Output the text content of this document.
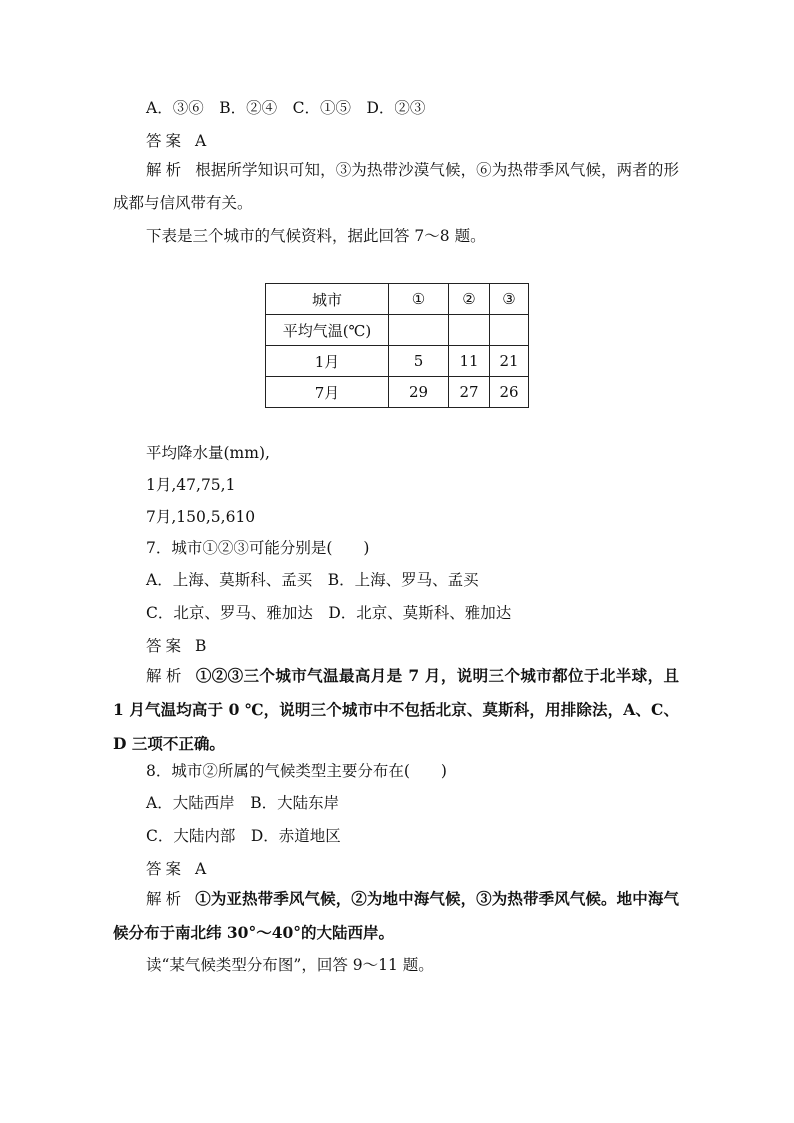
A．③⑥　B．②④　C．①⑤　D．②③
答案 A
解析 根据所学知识可知，③为热带沙漠气候，⑥为热带季风气候，两者的形成都与信风带有关。
下表是三个城市的气候资料，据此回答 7～8 题。
城市	①	②	③
平均气温(℃)			
1月	5	11	21
7月	29	27	26
平均降水量(mm),
1月,47,75,1
7月,150,5,610
7．城市①②③可能分别是(　　)
A．上海、莫斯科、孟买　B．上海、罗马、孟买
C．北京、罗马、雅加达　D．北京、莫斯科、雅加达
答案 B
解析 ①②③三个城市气温最高月是 7 月，说明三个城市都位于北半球，且 1 月气温均高于 0 ℃，说明三个城市中不包括北京、莫斯科，用排除法，A、C、D 三项不正确。
8．城市②所属的气候类型主要分布在(　　)
A．大陆西岸　B．大陆东岸
C．大陆内部　D．赤道地区
答案 A
解析 ①为亚热带季风气候，②为地中海气候，③为热带季风气候。地中海气候分布于南北纬 30°～40°的大陆西岸。
读“某气候类型分布图”，回答 9～11 题。
